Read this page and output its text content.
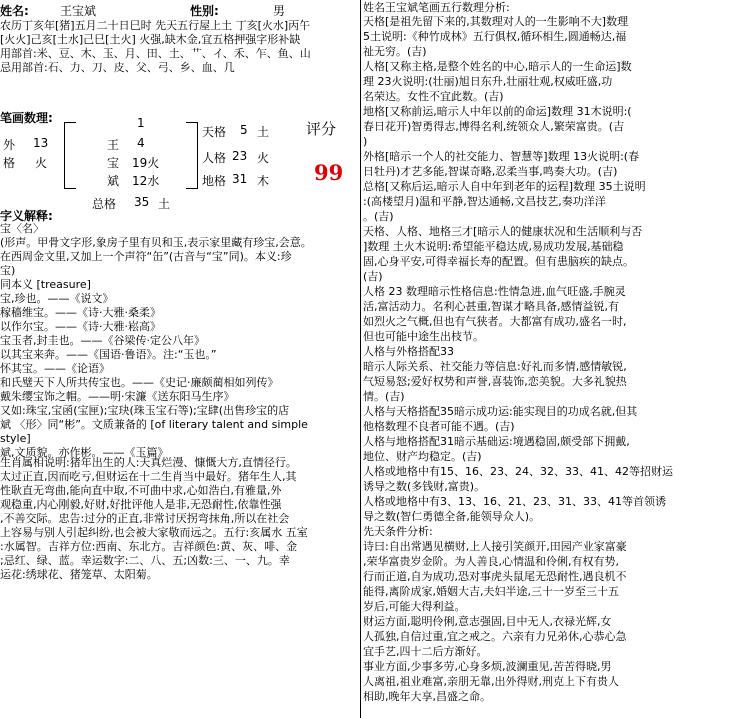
姓名:	王宝斌	性别:	男
农历丁亥年[猪]五月二十日巳时 先天五行屋上土 丁亥[火水]丙午
[火火]己亥[土水]己巳[土火] 火强,缺木金,宜五格押强字形补缺
用部首:米、豆、木、玉、月、田、土、艹、イ、禾、乍、鱼、山
忌用部首:石、力、刀、皮、父、弓、乡、血、几
笔画数理:
外 13
格 火
1
王 4
宝 19火
斌 12水
天格 5 土
人格 23 火
地格 31 木
总格 35 土
评分
99
字义解释:
宝〈名〉
(形声。甲骨文字形,象房子里有贝和玉,表示家里藏有珍宝,会意。
在西周金文里,又加上一个声符“缶”(古音与“宝”同)。本义:珍
宝)
同本义 [treasure]
宝,珍也。——《说文》
稼穑维宝。——《诗·大雅·桑柔》
以作尔宝。——《诗·大雅·崧高》
宝玉者,封圭也。——《谷梁传·定公八年》
以其宝来奔。——《国语·鲁语》。注:“玉也。”
怀其宝。——《论语》
和氏璧天下人所共传宝也。——《史记·廉颇蔺相如列传》
戴朱缨宝饰之帽。——明·宋濂《送东阳马生序》
又如:珠宝,宝函(宝匣);宝玦(珠玉宝石等);宝肆(出售珍宝的店
斌 〈形〉同“彬”。文质兼备的 [of literary talent and simple
style]
斌,文质貌。亦作彬。——《玉篇》
生肖属相说明:猪年出生的人:天真烂漫、慷慨大方,直情径行。
太过正直,因而吃亏,但财运在十二生肖当中最好。猪年生人,其
性耿直无弯曲,能向直中取,不可曲中求,心如浩白,有雅量,外
观稳重,内心刚毅,好财,好批评他人是非,无恐耐性,依靠性强
,不善交际。忠告:过分的正直,非常讨厌拐弯抹角,所以在社会
上容易与别人引起纠纷,也会被大家敬而远之。五行:亥属水 五室
:水属智。吉祥方位:西南、东北方。吉祥颜色:黄、灰、啡、金
;忌红、绿、蓝。幸运数字:二、八、五;凶数:三、一、九。幸
运花:绣球花、猪笼草、太阳菊。
姓名王宝斌笔画五行数理分析:
天格[是祖先留下来的,其数理对人的一生影响不大]数理
5土说明:《种竹成林》五行俱权,循环相生,圆通畅达,福
祉无穷。(吉)
人格[又称主格,是整个姓名的中心,暗示人的一生命运]数
理 23火说明:(壮丽)旭日东升,壮丽壮观,权威旺盛,功
名荣达。女性不宜此数。(吉)
地格[又称前运,暗示人中年以前的命运]数理 31木说明:(
春日花开)智勇得志,博得名利,统领众人,繁荣富贵。(吉
)
外格[暗示一个人的社交能力、智慧等]数理 13火说明:(春
日牡丹)才艺多能,智谋奇略,忍柔当事,鸣奏大功。(吉)
总格[又称后运,暗示人自中年到老年的运程]数理 35土说明
:(高楼望月)温和平静,智达通畅,文昌技艺,奏功洋洋
。(吉)
天格、人格、地格三才[暗示人的健康状况和生活顺利与否
]数理 土火木说明:希望能平稳达成,易成功发展,基础稳
固,心身平安,可得幸福长寿的配置。但有患脑疾的缺点。
(吉)
人格 23 数理暗示性格信息:性情急进,血气旺盛,手腕灵
活,富活动力。名利心甚重,智谋才略具备,感情益锐,有
如烈火之气概,但也有气狭者。大都富有成功,盛名一时,
但也可能中途生出枝节。
人格与外格搭配33
暗示人际关系、社交能力等信息:好礼而多情,感情敏锐,
气短易怒;爱好权势和声誉,喜装饰,恋美貌。大多礼貌热
情。(吉)
人格与天格搭配35暗示成功运:能实现目的功成名就,但其
他格数理不良者可能不遇。(吉)
人格与地格搭配31暗示基础运:境遇稳固,颇受部下拥戴,
地位、财产均稳定。(吉)
人格或地格中有15、16、23、24、32、33、41、42等招财运
诱导之数(多钱财,富贵)。
人格或地格中有3、13、16、21、23、31、33、41等首领诱
导之数(智仁勇德全备,能领导众人)。
先天条件分析:
诗曰:自出常遇见横财,上人接引笑颜开,田园产业家富豪
,荣华富贵岁金阶。为人善良,心情温和伶俐,有权有势,
行而正道,自为成功,恐对事虎头鼠尾无恐耐性,遇良机不
能得,离阶成家,婚姻大吉,夫妇半途,三十一岁至三十五
岁后,可能大得利益。
财运方面,聪明伶俐,意志强固,目中无人,衣禄光辉,女
人孤独,自信过重,宜之戒之。六亲有力兄弟休,心恭心急
宜手艺,四十二后方渐好。
事业方面,少事多劳,心身多烦,波澜重见,苦苦得晓,男
人离祖,祖业难富,亲朋无靠,出外得财,刑克上下有贵人
相助,晚年大享,昌盛之命。
